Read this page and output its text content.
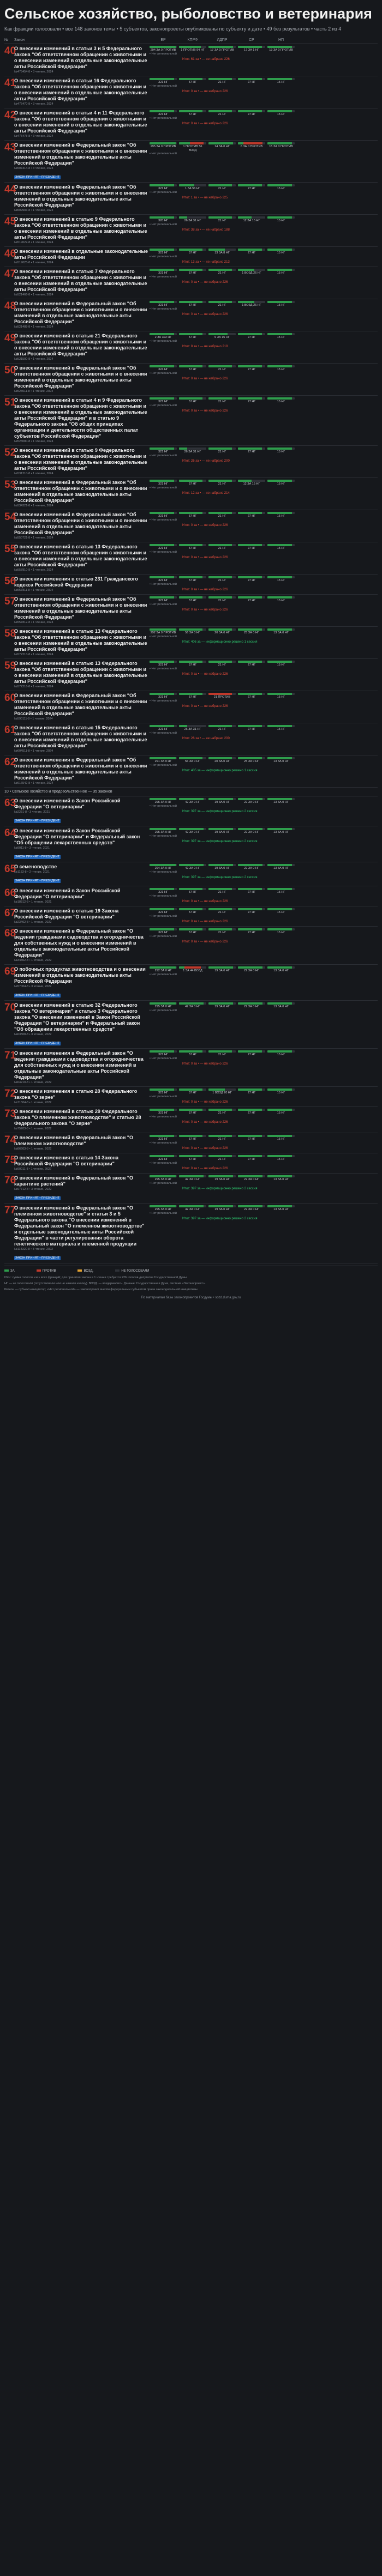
Сельское хозяйство, рыболовство и ветеринария
Как фракции голосовали • все 148 законов темы • 5 субъектов, законопроекты опубликованы по субъекту и дате • 49 без результатов • часть 2 из 4
№	Закон	ЕР	КПРФ	ЛДПР	СР	НП
40
О внесении изменений в статьи 3 и 5 Федерального закона "Об ответственном обращении с животными и о внесении изменений в отдельные законодательные акты Российской Федерации"
№475454-8 • 3 чтение, 2024
294 ЗА 0 ПРОТИВ	1 ПРОТИВ 94 НГ	17 ЗА 0 ПРОТИВ	17 ЗА 1 НГ	13 ЗА 0 ПРОТИВ
• Нет региональной
Итог: 61 за • — не набрано 226
41
О внесении изменений в статьи 16 Федерального закона "Об ответственном обращении с животными и о внесении изменений в отдельные законодательные акты Российской Федерации"
№475470-8 • 3 чтение, 2024
321 НГ	57 НГ	21 НГ	27 НГ	15 НГ
• Нет региональной
Итог: 0 за • — не набрано 226
42
О внесении изменений в статьи 4 и 11 Федерального закона "Об ответственном обращении с животными и о внесении изменений в отдельные законодательные акты Российской Федерации"
№475478-8 • 3 чтение, 2024
321 НГ	57 НГ	21 НГ	27 НГ	15 НГ
• Нет региональной
Итог: 0 за • — не набрано 226
43
О внесении изменений в Федеральный закон "Об ответственном обращении с животными и о внесении изменений в отдельные законодательные акты Российской Федерации"
№507314-8 • 3 чтение, 2024
ЗАКОН ПРИНЯТ • ПРЕЗИДЕНТ
295 ЗА 0 ПРОТИВ	1 ПРОТИВ 56 ВОЗД
14 ЗА 0 НГ	6 ЗА 0 ПРОТИВ	15 ЗА 0 ПРОТИВ
• Нет региональной
44
О внесении изменений в Федеральный закон "Об ответственном обращении с животными и о внесении изменений в отдельные законодательные акты Российской Федерации"
№509903-8 • 1 чтение, 2024
321 НГ	1 ЗА 56 НГ	21 НГ	27 НГ	15 НГ
• Нет региональной
Итог: 1 за • — не набрано 225
45
О внесении изменений в статью 9 Федерального закона "Об ответственном обращении с животными и о внесении изменений в отдельные законодательные акты Российской Федерации"
№519022-8 • 1 чтение, 2024
320 НГ	26 ЗА 31 НГ	21 НГ	12 ЗА 15 НГ	15 НГ
• Нет региональной
Итог: 38 за • — не набрано 188
46
О внесении изменений в отдельные законодательные акты Российской Федерации
№519025-8 • 1 чтение, 2024
321 НГ	57 НГ	13 ЗА 8 НГ	27 НГ	15 НГ
• Нет региональной
Итог: 13 за • — не набрано 213
47
О внесении изменений в статью 7 Федерального закона "Об ответственном обращении с животными и о внесении изменений в отдельные законодательные акты Российской Федерации"
№521466-8 • 1 чтение, 2024
321 НГ	57 НГ	21 НГ	1 ВОЗД 26 НГ	15 НГ
• Нет региональной
Итог: 0 за • — не набрано 226
48
О внесении изменений в Федеральный закон "Об ответственном обращении с животными и о внесении изменений в отдельные законодательные акты Российской Федерации"
№521488-8 • 1 чтение, 2024
321 НГ	57 НГ	21 НГ	1 ВОЗД 26 НГ	15 НГ
• Нет региональной
Итог: 0 за • — не набрано 226
49
О внесении изменений в статью 21 Федерального закона "Об ответственном обращении с животными и о внесении изменений в отдельные законодательные акты Российской Федерации"
№521500-8 • 1 чтение, 2024
2 ЗА 322 НГ	57 НГ	6 ЗА 15 НГ	27 НГ	15 НГ
• Нет региональной
Итог: 8 за • — не набрано 218
50
О внесении изменений в Федеральный закон "Об ответственном обращении с животными и о внесении изменений в отдельные законодательные акты Российской Федерации"
№523011-8 • 1 чтение, 2024
324 НГ	57 НГ	21 НГ	27 НГ	15 НГ
• Нет региональной
Итог: 0 за • — не набрано 226
51
О внесении изменений в статьи 4 и 9 Федерального закона "Об ответственном обращении с животными и о внесении изменений в отдельные законодательные акты Российской Федерации" и в статью 9 Федерального закона "Об общих принципах организации и деятельности общественных палат субъектов Российской Федерации"
№523080-8 • 1 чтение, 2024
321 НГ	57 НГ	21 НГ	27 НГ	15 НГ
• Нет региональной
Итог: 0 за • — не набрано 226
52
О внесении изменений в статью 9 Федерального закона "Об ответственном обращении с животными и о внесении изменений в отдельные законодательные акты Российской Федерации"
№531210-8 • 1 чтение, 2024
321 НГ	26 ЗА 31 НГ	21 НГ	27 НГ	15 НГ
• Нет региональной
Итог: 26 за • — не набрано 200
53
О внесении изменений в Федеральный закон "Об ответственном обращении с животными и о внесении изменений в отдельные законодательные акты Российской Федерации"
№534321-8 • 1 чтение, 2024
321 НГ	57 НГ	21 НГ	12 ЗА 15 НГ	15 НГ
• Нет региональной
Итог: 12 за • — не набрано 214
54
О внесении изменений в Федеральный закон "Об ответственном обращении с животными и о внесении изменений в отдельные законодательные акты Российской Федерации"
№550721-8 • 1 чтение, 2024
321 НГ	57 НГ	21 НГ	27 НГ	15 НГ
• Нет региональной
Итог: 0 за • — не набрано 226
55
О внесении изменений в статью 13 Федерального закона "Об ответственном обращении с животными и о внесении изменений в отдельные законодательные акты Российской Федерации"
№557810-8 • 1 чтение, 2024
321 НГ	57 НГ	21 НГ	27 НГ	15 НГ
• Нет региональной
Итог: 0 за • — не набрано 226
56
О внесении изменения в статью 231 Гражданского кодекса Российской Федерации
№557811-8 • 1 чтение, 2024
321 НГ	57 НГ	21 НГ	27 НГ	15 НГ
• Нет региональной
Итог: 0 за • — не набрано 226
57
О внесении изменений в Федеральный закон "Об ответственном обращении с животными и о внесении изменений в отдельные законодательные акты Российской Федерации"
№557812-8 • 1 чтение, 2024
321 НГ	57 НГ	21 НГ	27 НГ	15 НГ
• Нет региональной
Итог: 0 за • — не набрано 226
58
О внесении изменений в статью 13 Федерального закона "Об ответственном обращении с животными и о внесении изменений в отдельные законодательные акты Российской Федерации"
№572213-8 • 1 чтение, 2024
292 ЗА 0 ПРОТИВ	56 ЗА 0 НГ	20 ЗА 0 НГ	25 ЗА 0 НГ	13 ЗА 0 НГ
• Нет региональной
Итог: 406 за — информационно решено 1 сессия
59
О внесении изменений в статью 13 Федерального закона "Об ответственном обращении с животными и о внесении изменений в отдельные законодательные акты Российской Федерации"
№572216-8 • 1 чтение, 2024
321 НГ	57 НГ	21 НГ	27 НГ	15 НГ
• Нет региональной
Итог: 0 за • — не набрано 226
60
О внесении изменений в Федеральный закон "Об ответственном обращении с животными и о внесении изменений в отдельные законодательные акты Российской Федерации"
№590111-8 • 1 чтение, 2024
321 НГ	57 НГ	21 ПРОТИВ	27 НГ	15 НГ
• Нет региональной
Итог: 0 за • — не набрано 226
61
О внесении изменений в статью 15 Федерального закона "Об ответственном обращении с животными и о внесении изменений в отдельные законодательные акты Российской Федерации"
№604511-8 • 1 чтение, 2024
321 НГ	26 ЗА 31 НГ	21 НГ	27 НГ	15 НГ
• Нет региональной
Итог: 26 за • — не набрано 200
62
О внесении изменения в Федеральный закон "Об ответственном обращении с животными и о внесении изменений в отдельные законодательные акты Российской Федерации"
№616542-8 • 1 чтение, 2024
291 ЗА 0 НГ	56 ЗА 0 НГ	20 ЗА 0 НГ	25 ЗА 0 НГ	13 ЗА 0 НГ
• Нет региональной
Итог: 405 за — информационно решено 1 сессия
10 • Сельское хозяйство и продовольственное — 35 законов
63
О внесении изменений в Закон Российской Федерации "О ветеринарии"
№2231-8 • 3 чтение, 2021
ЗАКОН ПРИНЯТ • ПРЕЗИДЕНТ
295 ЗА 0 НГ	42 ЗА 0 НГ	19 ЗА 0 НГ	22 ЗА 0 НГ	13 ЗА 0 НГ
• Нет региональной
Итог: 397 за — информационно решено 2 сессия
64
О внесении изменений в Закон Российской Федерации "О ветеринарии" и Федеральный закон "Об обращении лекарственных средств"
№9011-8 • 3 чтение, 2021
ЗАКОН ПРИНЯТ • ПРЕЗИДЕНТ
295 ЗА 0 НГ	42 ЗА 0 НГ	19 ЗА 0 НГ	22 ЗА 0 НГ	13 ЗА 0 НГ
• Нет региональной
Итог: 397 за — информационно решено 2 сессия
65
О семеноводстве
№1153-8 • 2 чтение, 2021
ЗАКОН ПРИНЯТ • ПРЕЗИДЕНТ
294 ЗА 0 НГ	42 ЗА 0 НГ	19 ЗА 0 НГ	22 ЗА 0 НГ	13 ЗА 0 НГ
• Нет региональной
Итог: 397 за — информационно решено 2 сессия
66
О внесении изменений в Закон Российской Федерации "О ветеринарии"
№18812-8 • 1 чтение, 2021
321 НГ	57 НГ	21 НГ	27 НГ	15 НГ
• Нет региональной
Итог: 0 за • — не набрано 226
67
О внесении изменений в статью 19 Закона Российской Федерации "О ветеринарии"
№23402-8 • 1 чтение, 2022
321 НГ	57 НГ	21 НГ	27 НГ	15 НГ
• Нет региональной
Итог: 0 за • — не набрано 226
68
О внесении изменений в Федеральный закон "О ведении гражданами садоводства и огородничества для собственных нужд и о внесении изменений в отдельные законодательные акты Российской Федерации"
№34802-8 • 1 чтение, 2022
321 НГ	57 НГ	21 НГ	27 НГ	15 НГ
• Нет региональной
Итог: 0 за • — не набрано 226
69
О побочных продуктах животноводства и о внесении изменений в отдельные законодательные акты Российской Федерации
№57004-8 • 3 чтение, 2022
ЗАКОН ПРИНЯТ • ПРЕЗИДЕНТ
292 ЗА 0 НГ	1 ЗА 44 ВОЗД	19 ЗА 0 НГ	22 ЗА 0 НГ	13 ЗА 0 НГ
• Нет региональной
70
О внесении изменений в статью 32 Федерального закона "О ветеринарии" и статью 3 Федерального закона "О внесении изменений в Закон Российской Федерации "О ветеринарии" и Федеральный закон "Об обращении лекарственных средств"
№63508-8 • 3 чтение, 2022
ЗАКОН ПРИНЯТ • ПРЕЗИДЕНТ
295 ЗА 0 НГ	42 ЗА 0 НГ	19 ЗА 0 НГ	22 ЗА 0 НГ	13 ЗА 0 НГ
• Нет региональной
71
О внесении изменения в Федеральный закон "О ведении гражданами садоводства и огородничества для собственных нужд и о внесении изменений в отдельные законодательные акты Российской Федерации"
№64210-8 • 1 чтение, 2022
321 НГ	57 НГ	21 НГ	27 НГ	15 НГ
• Нет региональной
Итог: 0 за • — не набрано 226
72
О внесении изменения в статью 28 Федерального закона "О зерне"
№71504-8 • 1 чтение, 2022
321 НГ	57 НГ	1 ВОЗД 20 НГ	27 НГ	15 НГ
• Нет региональной
Итог: 0 за • — не набрано 226
73
О внесении изменений в статью 29 Федерального закона "О племенном животноводстве" и статью 28 Федерального закона "О зерне"
№75203-8 • 1 чтение, 2022
321 НГ	57 НГ	21 НГ	27 НГ	15 НГ
• Нет региональной
Итог: 0 за • — не набрано 226
74
О внесении изменений в Федеральный закон "О племенном животноводстве"
№86603-8 • 1 чтение, 2022
321 НГ	57 НГ	21 НГ	27 НГ	15 НГ
• Нет региональной
Итог: 0 за • — не набрано 226
75
О внесении изменения в статью 14 Закона Российской Федерации "О ветеринарии"
№90011-8 • 1 чтение, 2022
321 НГ	57 НГ	21 НГ	27 НГ	15 НГ
• Нет региональной
Итог: 0 за • — не набрано 226
76
О внесении изменений в Федеральный закон "О карантине растений"
№97712-8 • 3 чтение, 2022
ЗАКОН ПРИНЯТ • ПРЕЗИДЕНТ
295 ЗА 0 НГ	42 ЗА 0 НГ	19 ЗА 0 НГ	22 ЗА 0 НГ	13 ЗА 0 НГ
• Нет региональной
Итог: 397 за — информационно решено 2 сессия
77
О внесении изменений в Федеральный закон "О племенном животноводстве" и статьи 3 и 5 Федерального закона "О внесении изменений в Федеральный закон "О племенном животноводстве" и отдельные законодательные акты Российской Федерации" в части регулирования оборота генетического материала и племенной продукции
№114320-8 • 3 чтение, 2022
ЗАКОН ПРИНЯТ • ПРЕЗИДЕНТ
295 ЗА 0 НГ	42 ЗА 0 НГ	19 ЗА 0 НГ	22 ЗА 0 НГ	13 ЗА 0 НГ
• Нет региональной
Итог: 397 за — информационно решено 2 сессия
ЗА	ПРОТИВ	ВОЗД.	НЕ ГОЛОСОВАЛИ
Итог: сумма голосов «за» всех фракций; для принятия закона в 1 чтении требуется 226 голосов депутатов Государственной Думы.
НГ — не голосовали (отсутствовали или не нажали кнопку). ВОЗД. — воздержались. Данные: Государственная Дума, система «Законопроект».
Регион — субъект-инициатор; «Нет региональной» — законопроект внесён федеральным субъектом права законодательной инициативы.
По материалам базы законопроектов Госдумы • sozd.duma.gov.ru
